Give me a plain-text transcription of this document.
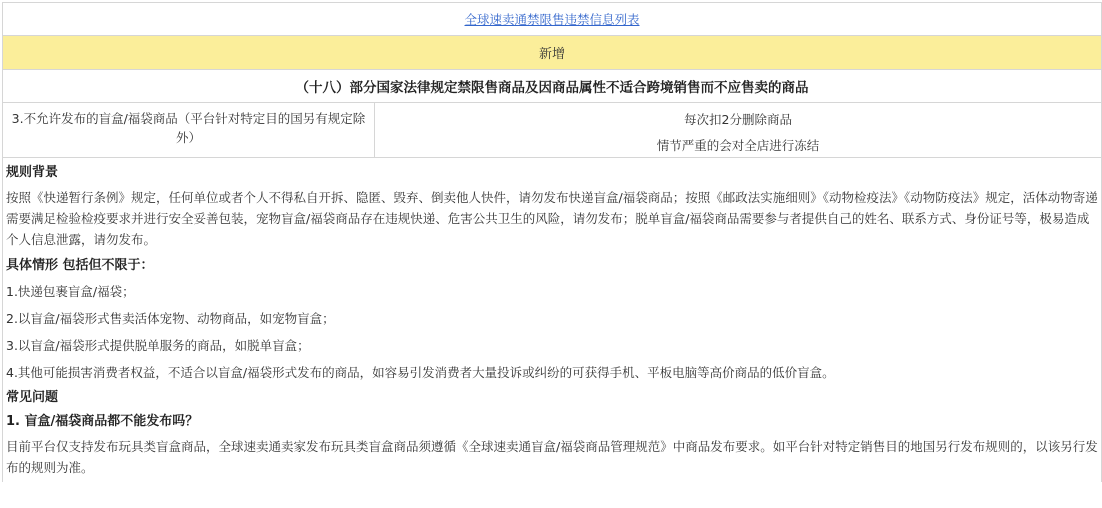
全球速卖通禁限售违禁信息列表
新增
（十八）部分国家法律规定禁限售商品及因商品属性不适合跨境销售而不应售卖的商品
3.不允许发布的盲盒/福袋商品（平台针对特定目的国另有规定除外）
每次扣2分删除商品
情节严重的会对全店进行冻结
规则背景

按照《快递暂行条例》规定，任何单位或者个人不得私自开拆、隐匿、毁弃、倒卖他人快件，请勿发布快递盲盒/福袋商品；按照《邮政法实施细则》《动物检疫法》《动物防疫法》规定，活体动物寄递需要满足检验检疫要求并进行安全妥善包装，宠物盲盒/福袋商品存在违规快递、危害公共卫生的风险，请勿发布；脱单盲盒/福袋商品需要参与者提供自己的姓名、联系方式、身份证号等，极易造成个人信息泄露，请勿发布。

具体情形 包括但不限于：

1.快递包裹盲盒/福袋；

2.以盲盒/福袋形式售卖活体宠物、动物商品，如宠物盲盒；

3.以盲盒/福袋形式提供脱单服务的商品，如脱单盲盒；

4.其他可能损害消费者权益，不适合以盲盒/福袋形式发布的商品，如容易引发消费者大量投诉或纠纷的可获得手机、平板电脑等高价商品的低价盲盒。

常见问题
1. 盲盒/福袋商品都不能发布吗？

目前平台仅支持发布玩具类盲盒商品，全球速卖通卖家发布玩具类盲盒商品须遵循《全球速卖通盲盒/福袋商品管理规范》中商品发布要求。如平台针对特定销售目的地国另行发布规则的，以该另行发布的规则为准。
